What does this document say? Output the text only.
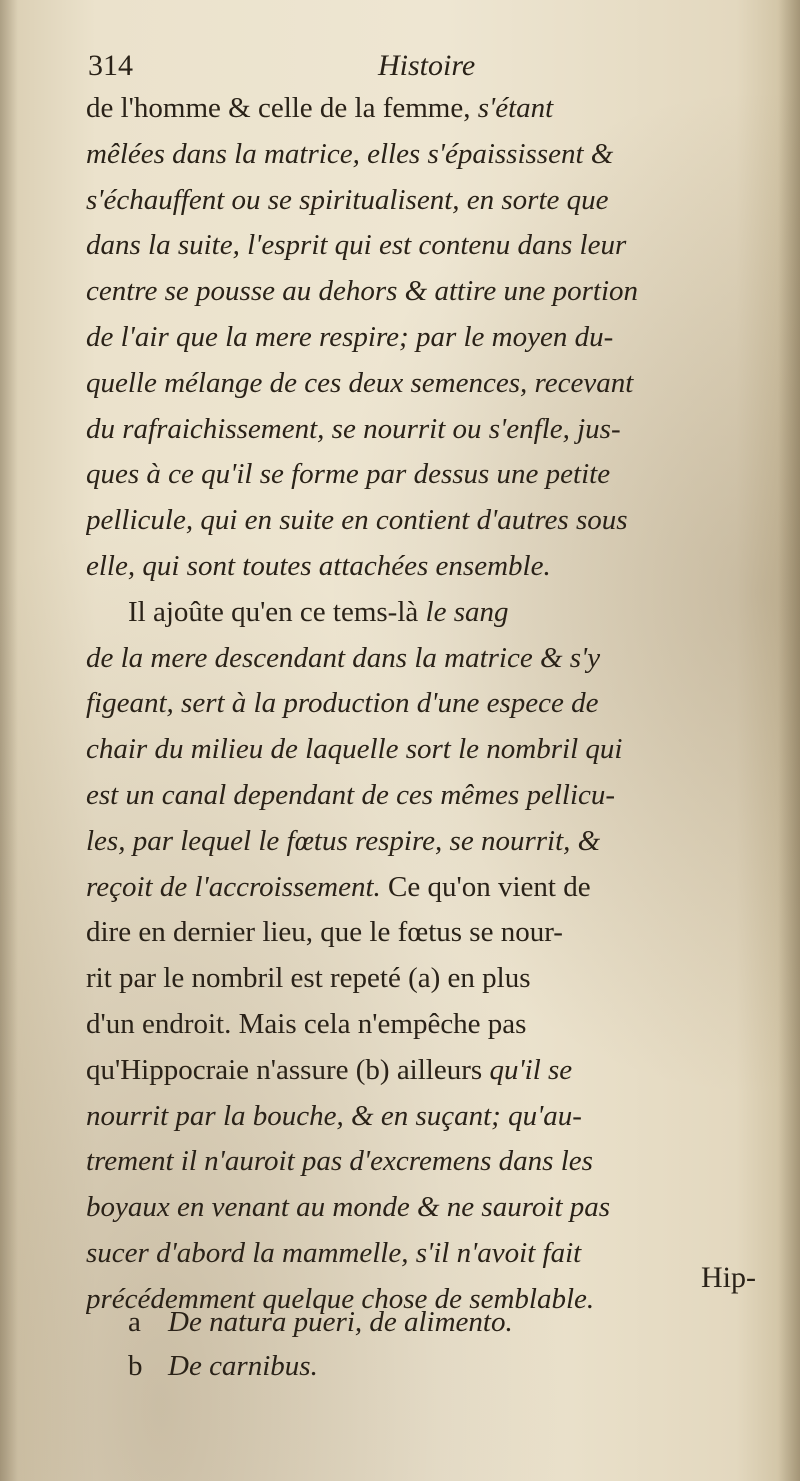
314	Histoire
de l'homme & celle de la femme, s'étant
mêlées dans la matrice, elles s'épaississent &
s'échauffent ou se spiritualisent, en sorte que
dans la suite, l'esprit qui est contenu dans leur
centre se pousse au dehors & attire une portion
de l'air que la mere respire; par le moyen du-
quelle mélange de ces deux semences, recevant
du rafraichissement, se nourrit ou s'enfle, jus-
ques à ce qu'il se forme par dessus une petite
pellicule, qui en suite en contient d'autres sous
elle, qui sont toutes attachées ensemble.
Il ajoûte qu'en ce tems-là le sang
de la mere descendant dans la matrice & s'y
figeant, sert à la production d'une espece de
chair du milieu de laquelle sort le nombril qui
est un canal dependant de ces mêmes pellicu-
les, par lequel le fœtus respire, se nourrit, &
reçoit de l'accroissement. Ce qu'on vient de
dire en dernier lieu, que le fœtus se nour-
rit par le nombril est repeté (a) en plus
d'un endroit. Mais cela n'empêche pas
qu'Hippocraie n'assure (b) ailleurs qu'il se
nourrit par la bouche, & en suçant; qu'au-
trement il n'auroit pas d'excremens dans les
boyaux en venant au monde & ne sauroit pas
sucer d'abord la mammelle, s'il n'avoit fait
précédemment quelque chose de semblable.
Hip-
a De natura pueri, de alimento.
b De carnibus.
